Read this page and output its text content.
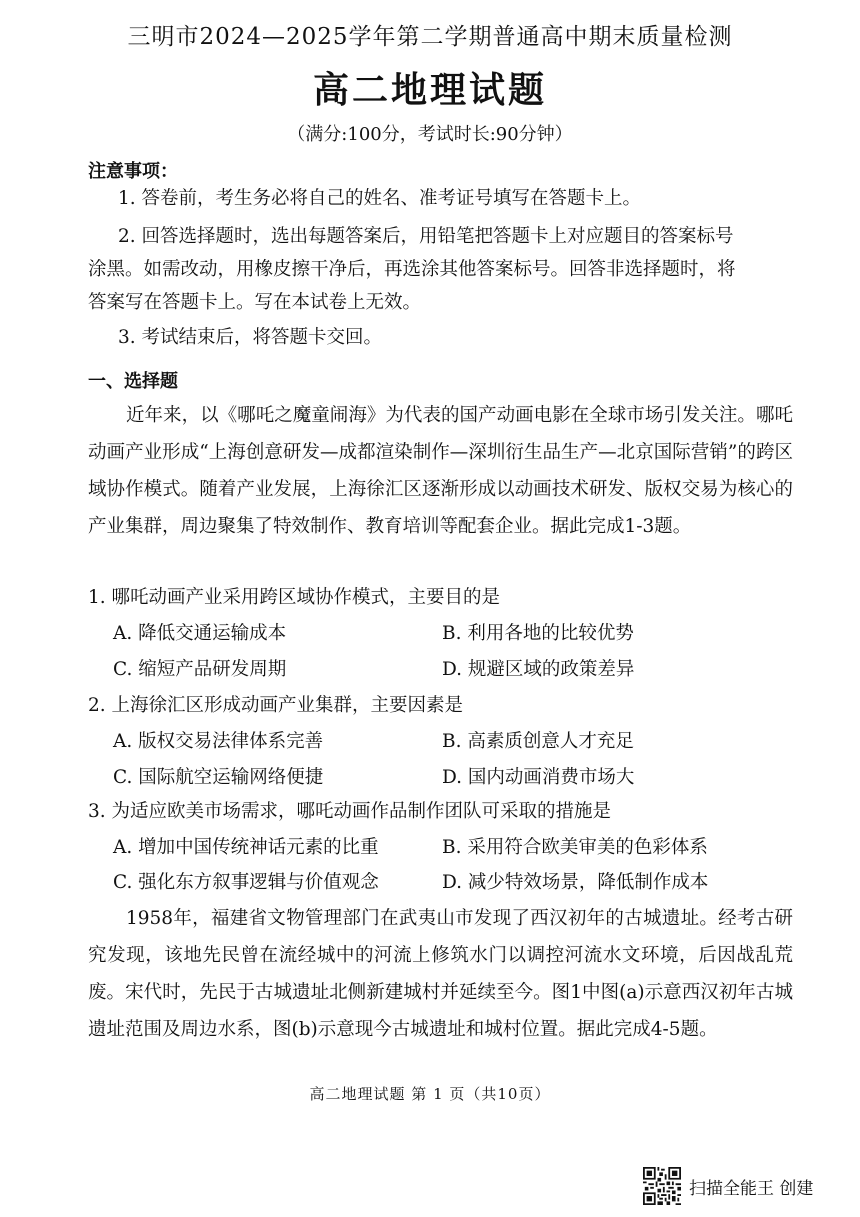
三明市2024—2025学年第二学期普通高中期末质量检测
高二地理试题
（满分:100分，考试时长:90分钟）
注意事项：
1. 答卷前，考生务必将自己的姓名、准考证号填写在答题卡上。
2. 回答选择题时，选出每题答案后，用铅笔把答题卡上对应题目的答案标号
涂黑。如需改动，用橡皮擦干净后，再选涂其他答案标号。回答非选择题时，将
答案写在答题卡上。写在本试卷上无效。
3. 考试结束后，将答题卡交回。
一、选择题
近年来，以《哪吒之魔童闹海》为代表的国产动画电影在全球市场引发关注。哪吒动画产业形成“上海创意研发—成都渲染制作—深圳衍生品生产—北京国际营销”的跨区域协作模式。随着产业发展，上海徐汇区逐渐形成以动画技术研发、版权交易为核心的产业集群，周边聚集了特效制作、教育培训等配套企业。据此完成1-3题。
1. 哪吒动画产业采用跨区域协作模式，主要目的是
A. 降低交通运输成本	B. 利用各地的比较优势
C. 缩短产品研发周期	D. 规避区域的政策差异
2. 上海徐汇区形成动画产业集群，主要因素是
A. 版权交易法律体系完善	B. 高素质创意人才充足
C. 国际航空运输网络便捷	D. 国内动画消费市场大
3. 为适应欧美市场需求，哪吒动画作品制作团队可采取的措施是
A. 增加中国传统神话元素的比重	B. 采用符合欧美审美的色彩体系
C. 强化东方叙事逻辑与价值观念	D. 减少特效场景，降低制作成本
1958年，福建省文物管理部门在武夷山市发现了西汉初年的古城遗址。经考古研究发现，该地先民曾在流经城中的河流上修筑水门以调控河流水文环境，后因战乱荒废。宋代时，先民于古城遗址北侧新建城村并延续至今。图1中图(a)示意西汉初年古城遗址范围及周边水系，图(b)示意现今古城遗址和城村位置。据此完成4-5题。
高二地理试题 第 1 页（共10页）
扫描全能王 创建
